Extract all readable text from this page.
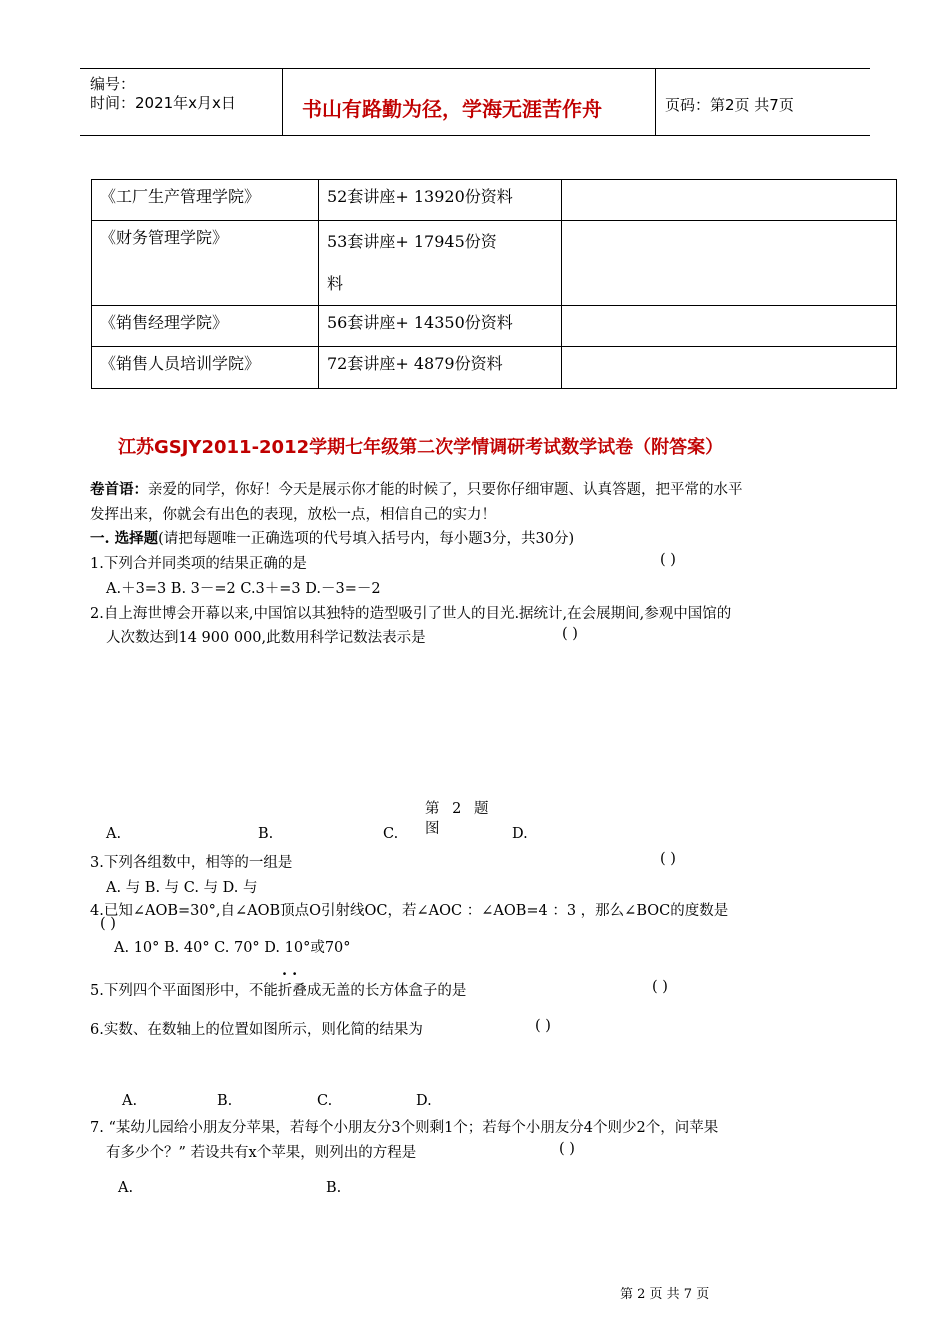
编号：
时间：2021年x月x日	书山有路勤为径，学海无涯苦作舟	页码：第2页 共7页
《工厂生产管理学院》	52套讲座+ 13920份资料	
《财务管理学院》	53套讲座+ 17945份资
料	

《销售经理学院》	56套讲座+ 14350份资料	
《销售人员培训学院》	72套讲座+ 4879份资料	
江苏GSJY2011-2012学期七年级第二次学情调研考试数学试卷（附答案）
卷首语：亲爱的同学，你好！今天是展示你才能的时候了，只要你仔细审题、认真答题，把平常的水平
发挥出来，你就会有出色的表现，放松一点，相信自己的实力！
一. 选择题(请把每题唯一正确选项的代号填入括号内，每小题3分，共30分)
1.下列合并同类项的结果正确的是	( )
A.＋3=3 B. 3－=2 C.3＋=3 D.－3=－2
2.自上海世博会开幕以来,中国馆以其独特的造型吸引了世人的目光.据统计,在会展期间,参观中国馆的
人次数达到14 900 000,此数用科学记数法表示是	( )
第 2 题
图
A.	B.	C.	D.
3.下列各组数中，相等的一组是	( )
A. 与 B. 与 C. 与 D. 与
4.已知∠AOB=30°,自∠AOB顶点O引射线OC，若∠AOC ：∠AOB=4 ：3 ，那么∠BOC的度数是
( )
A. 10° B. 40° C. 70° D. 10°或70°
. .
5.下列四个平面图形中，不能折叠成无盖的长方体盒子的是	( )
6.实数、在数轴上的位置如图所示，则化简的结果为	( )
A.	B.	C.	D.
7. “某幼儿园给小朋友分苹果，若每个小朋友分3个则剩1个；若每个小朋友分4个则少2个，问苹果
有多少个？” 若设共有x个苹果，则列出的方程是	( )
A.	B.
第 2 页 共 7 页
